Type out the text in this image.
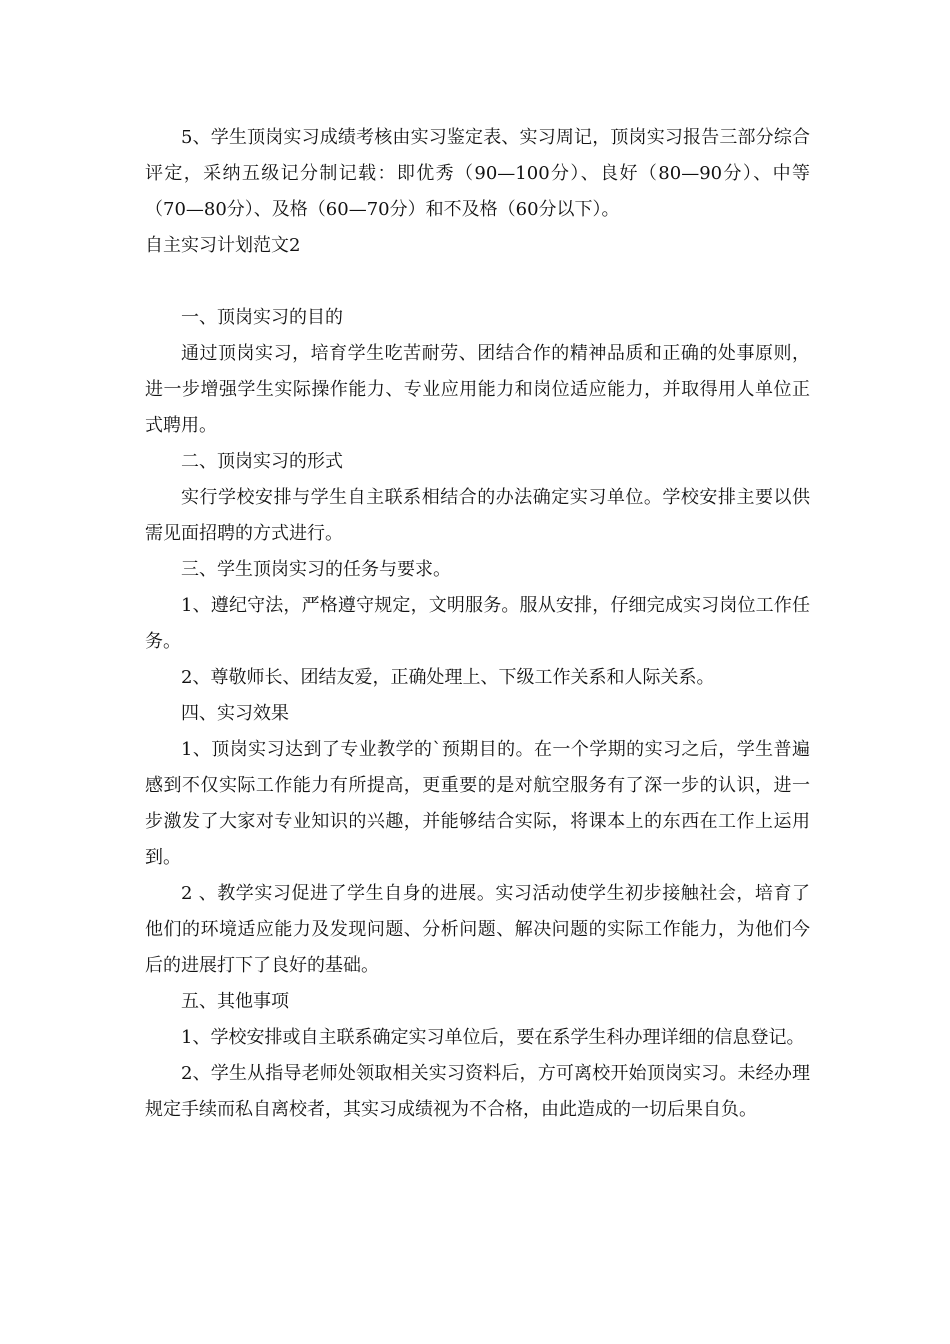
5、学生顶岗实习成绩考核由实习鉴定表、实习周记，顶岗实习报告三部分综合评定，采纳五级记分制记载：即优秀（90—100分）、良好（80—90分）、中等（70—80分）、及格（60—70分）和不及格（60分以下）。

自主实习计划范文2

一、顶岗实习的目的

通过顶岗实习，培育学生吃苦耐劳、团结合作的精神品质和正确的处事原则，进一步增强学生实际操作能力、专业应用能力和岗位适应能力，并取得用人单位正式聘用。

二、顶岗实习的形式

实行学校安排与学生自主联系相结合的办法确定实习单位。学校安排主要以供需见面招聘的方式进行。

三、学生顶岗实习的任务与要求。

1、遵纪守法，严格遵守规定，文明服务。服从安排，仔细完成实习岗位工作任务。

2、尊敬师长、团结友爱，正确处理上、下级工作关系和人际关系。

四、实习效果

1、顶岗实习达到了专业教学的`预期目的。在一个学期的实习之后，学生普遍感到不仅实际工作能力有所提高，更重要的是对航空服务有了深一步的认识，进一步激发了大家对专业知识的兴趣，并能够结合实际，将课本上的东西在工作上运用到。

2 、教学实习促进了学生自身的进展。实习活动使学生初步接触社会，培育了他们的环境适应能力及发现问题、分析问题、解决问题的实际工作能力，为他们今后的进展打下了良好的基础。

五、其他事项

1、学校安排或自主联系确定实习单位后，要在系学生科办理详细的信息登记。

2、学生从指导老师处领取相关实习资料后，方可离校开始顶岗实习。未经办理规定手续而私自离校者，其实习成绩视为不合格，由此造成的一切后果自负。
